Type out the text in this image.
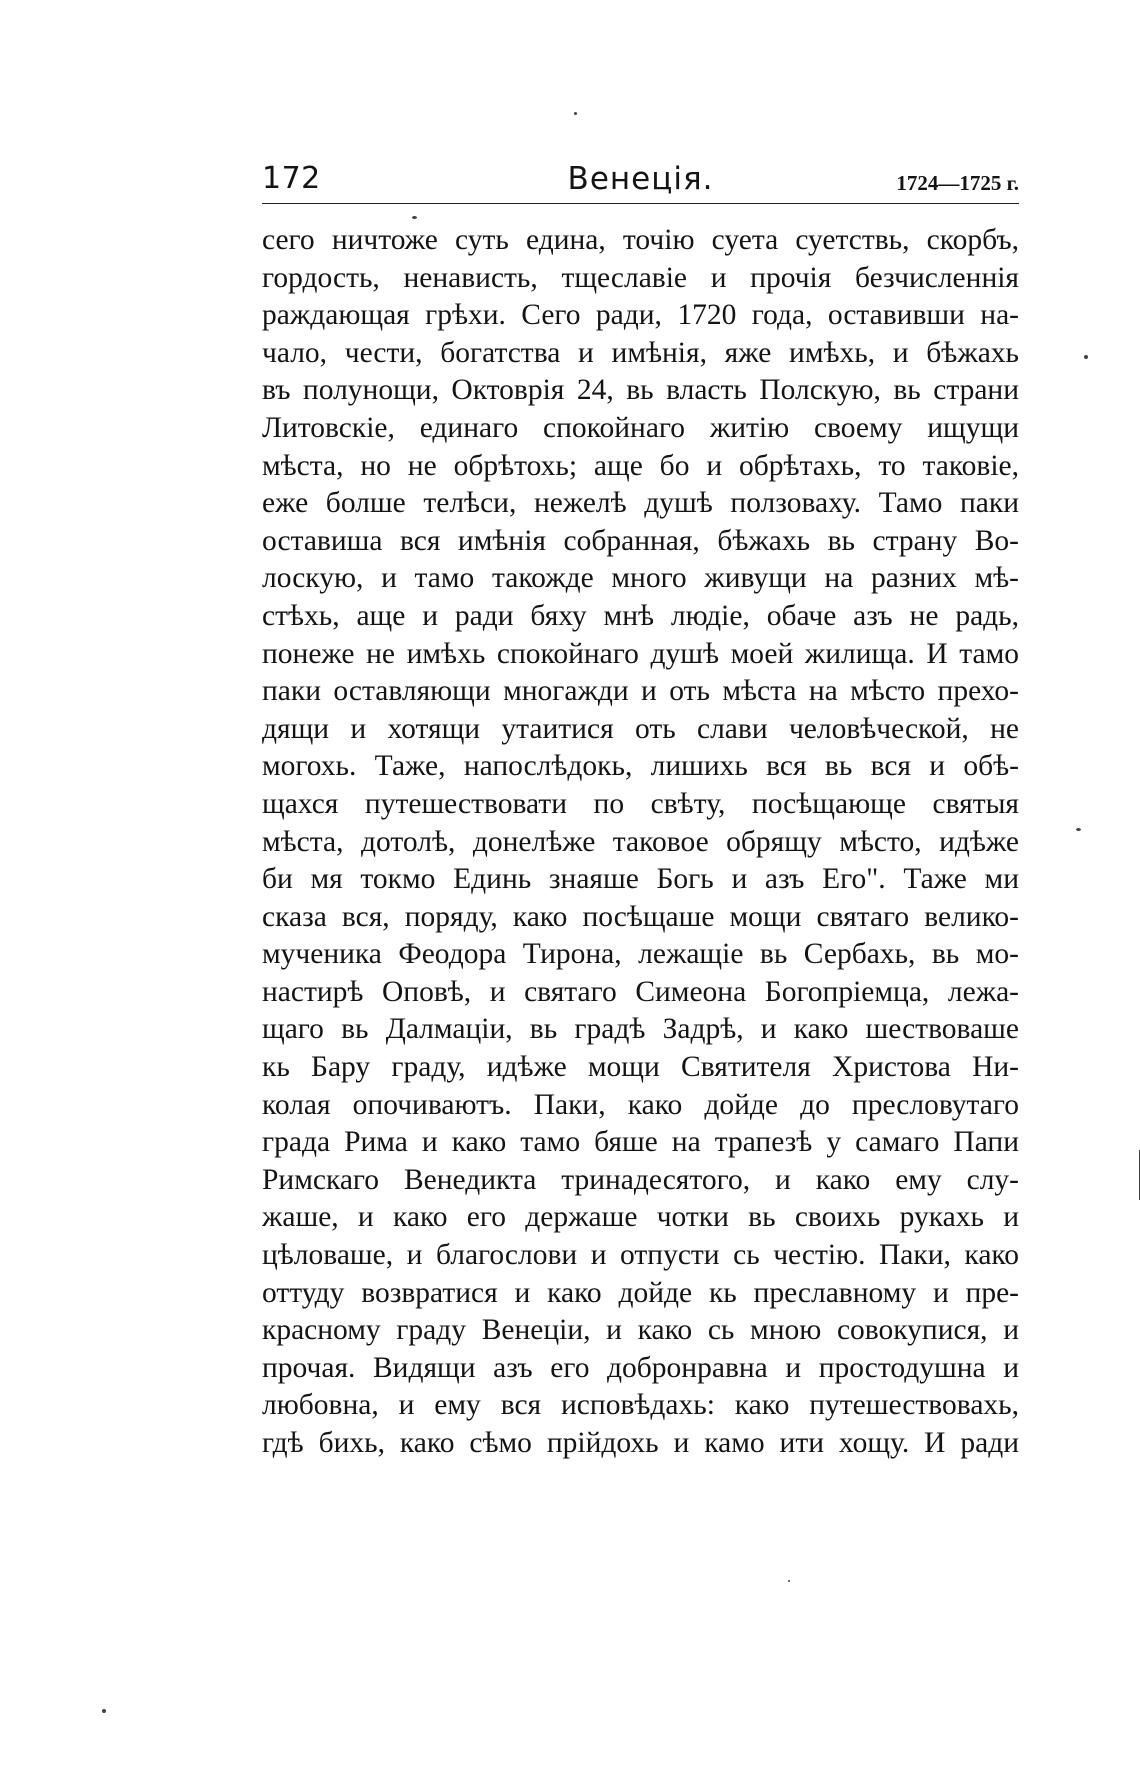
172	Венецiя.	1724—1725 г.
сего ничтоже суть едина, точiю суета суетствь, скорбъ,
гордость, ненависть, тщеславiе и прочiя безчисленнiя
раждающая грѣхи. Сего ради, 1720 года, оставивши на-
чало, чести, богатства и имѣнiя, яже имѣхь, и бѣжахь
въ полунощи, Октоврiя 24, вь власть Полскую, вь страни
Литовскiе, единаго спокойнаго житiю своему ищущи
мѣста, но не обрѣтохь; аще бо и обрѣтахь, то таковiе,
еже болше телѣси, нежелѣ душѣ ползоваху. Тамо паки
оставиша вся имѣнiя собранная, бѣжахь вь страну Во-
лоскую, и тамо такожде много живущи на разних мѣ-
стѣхь, аще и ради бяху мнѣ людiе, обаче азъ не радь,
понеже не имѣхь спокойнаго душѣ моей жилища. И тамо
паки оставляющи многажди и оть мѣста на мѣсто прехо-
дящи и хотящи утаитися оть слави человѣческой, не
могохь. Таже, напослѣдокь, лишихь вся вь вся и обѣ-
щахся путешествовати по свѣту, посѣщающе святыя
мѣста, дотолѣ, донелѣже таковое обрящу мѣсто, идѣже
би мя токмо Единь знаяше Богь и азъ Его". Таже ми
сказа вся, поряду, како посѣщаше мощи святаго велико-
мученика Феодора Тирона, лежащiе вь Сербахь, вь мо-
настирѣ Оповѣ, и святаго Симеона Богопрiемца, лежа-
щаго вь Далмацiи, вь градѣ Задрѣ, и како шествоваше
кь Бару граду, идѣже мощи Святителя Христова Ни-
колая опочиваютъ. Паки, како дойде до пресловутаго
града Рима и како тамо бяше на трапезѣ у самаго Папи
Римскаго Венедикта тринадесятого, и како ему слу-
жаше, и како его держаше чотки вь своихь рукахь и
цѣловаше, и благослови и отпусти сь честiю. Паки, како
оттуду возвратися и како дойде кь преславному и пре-
красному граду Венецiи, и како сь мною совокупися, и
прочая. Видящи азъ его добронравна и простодушна и
любовна, и ему вся исповѣдахь: како путешествовахь,
гдѣ бихь, како сѣмо прiйдохь и камо ити хощу. И ради
